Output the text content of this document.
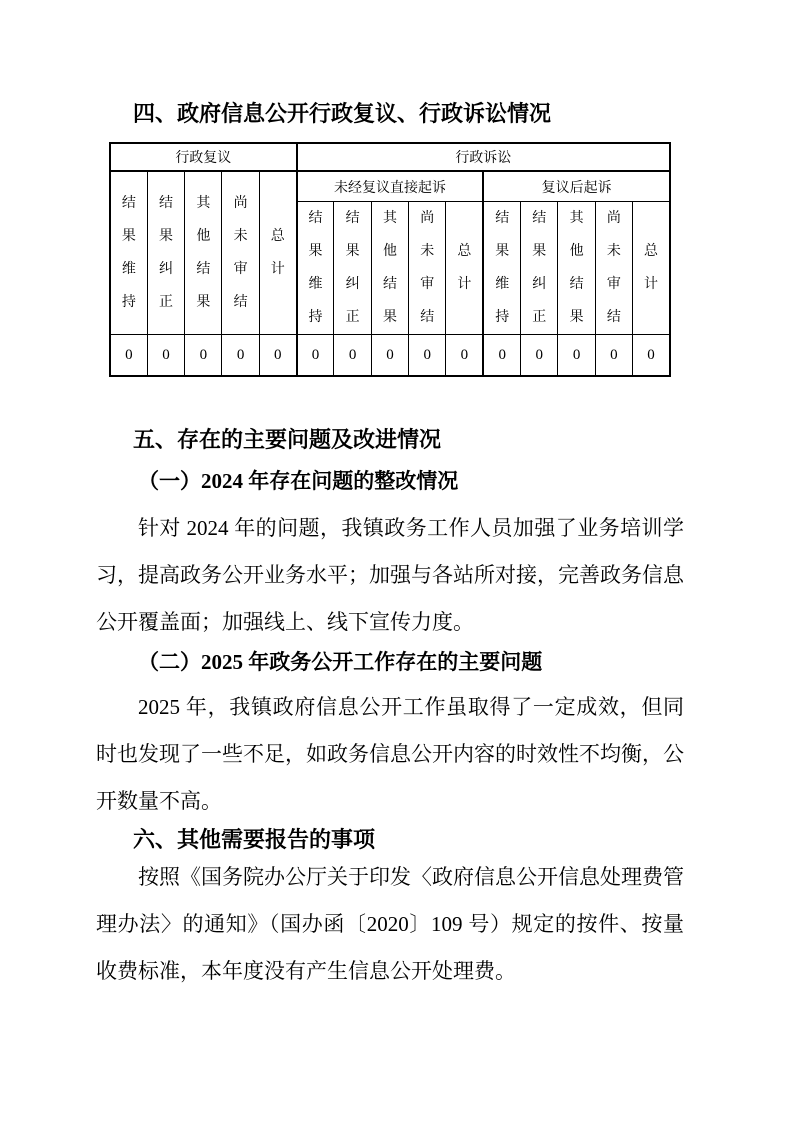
四、政府信息公开行政复议、行政诉讼情况
行政复议					行政诉讼									
结果维持	结果纠正	其他结果	尚未审结	总计	未经复议直接起诉					复议后起诉				
					结果维持	结果纠正	其他结果	尚未审结	总计	结果维持	结果纠正	其他结果	尚未审结	总计
0	0	0	0	0	0	0	0	0	0	0	0	0	0	0
五、存在的主要问题及改进情况
（一）2024 年存在问题的整改情况

针对 2024 年的问题，我镇政务工作人员加强了业务培训学习，提高政务公开业务水平；加强与各站所对接，完善政务信息公开覆盖面；加强线上、线下宣传力度。

（二）2025 年政务公开工作存在的主要问题

2025 年，我镇政府信息公开工作虽取得了一定成效，但同时也发现了一些不足，如政务信息公开内容的时效性不均衡，公开数量不高。

六、其他需要报告的事项

按照《国务院办公厅关于印发〈政府信息公开信息处理费管理办法〉的通知》（国办函〔2020〕109 号）规定的按件、按量收费标准，本年度没有产生信息公开处理费。
